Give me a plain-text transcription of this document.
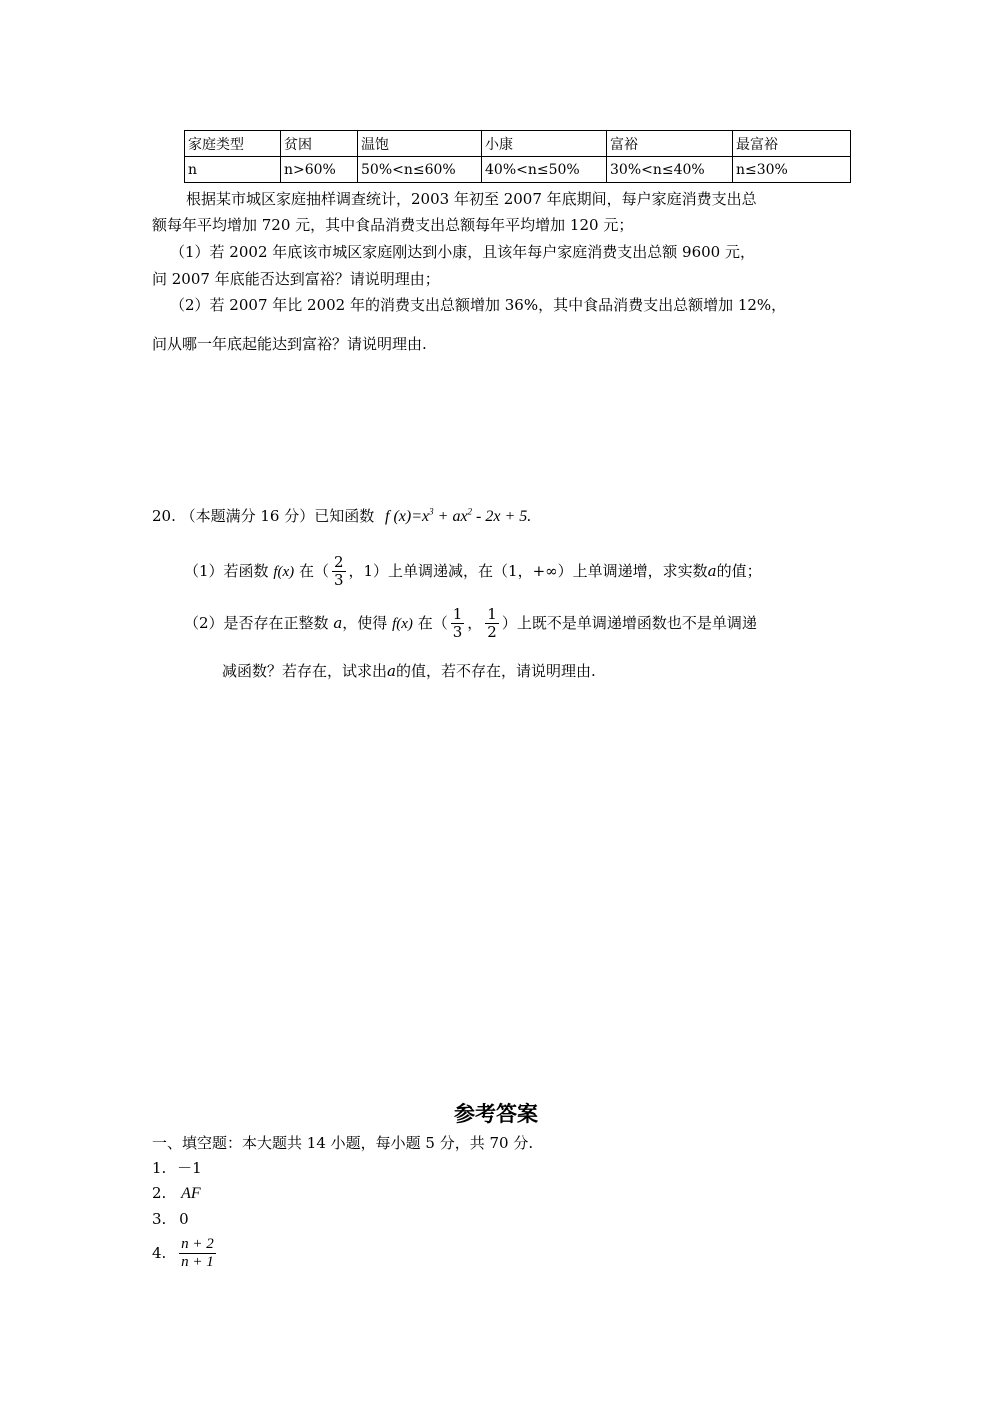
家庭类型	贫困	温饱	小康	富裕	最富裕
n	n>60%	50%<n≤60%	40%<n≤50%	30%<n≤40%	n≤30%
根据某市城区家庭抽样调查统计，2003 年初至 2007 年底期间，每户家庭消费支出总
额每年平均增加 720 元，其中食品消费支出总额每年平均增加 120 元；
（1）若 2002 年底该市城区家庭刚达到小康，且该年每户家庭消费支出总额 9600 元，
问 2007 年底能否达到富裕？请说明理由；
（2）若 2007 年比 2002 年的消费支出总额增加 36%，其中食品消费支出总额增加 12%，
问从哪一年底起能达到富裕？请说明理由.
20. （本题满分 16 分）已知函数 f $(x)=x^3 + ax^2 - 2x + 5$.
（1）若函数 f(x) 在（ $\frac{2}{3}$ ，1）上单调递减，在（1，+∞）上单调递增，求实数a的值；
（2）是否存在正整数 a，使得 f(x) 在（ $\frac{1}{3}$ ， $\frac{1}{2}$ ）上既不是单调递增函数也不是单调递
减函数？若存在，试求出a的值，若不存在，请说明理由.
参考答案
一、填空题：本大题共 14 小题，每小题 5 分，共 70 分.
1. －1
2. AF
3. 0
4. $\frac{n + 2}{n + 1}$
